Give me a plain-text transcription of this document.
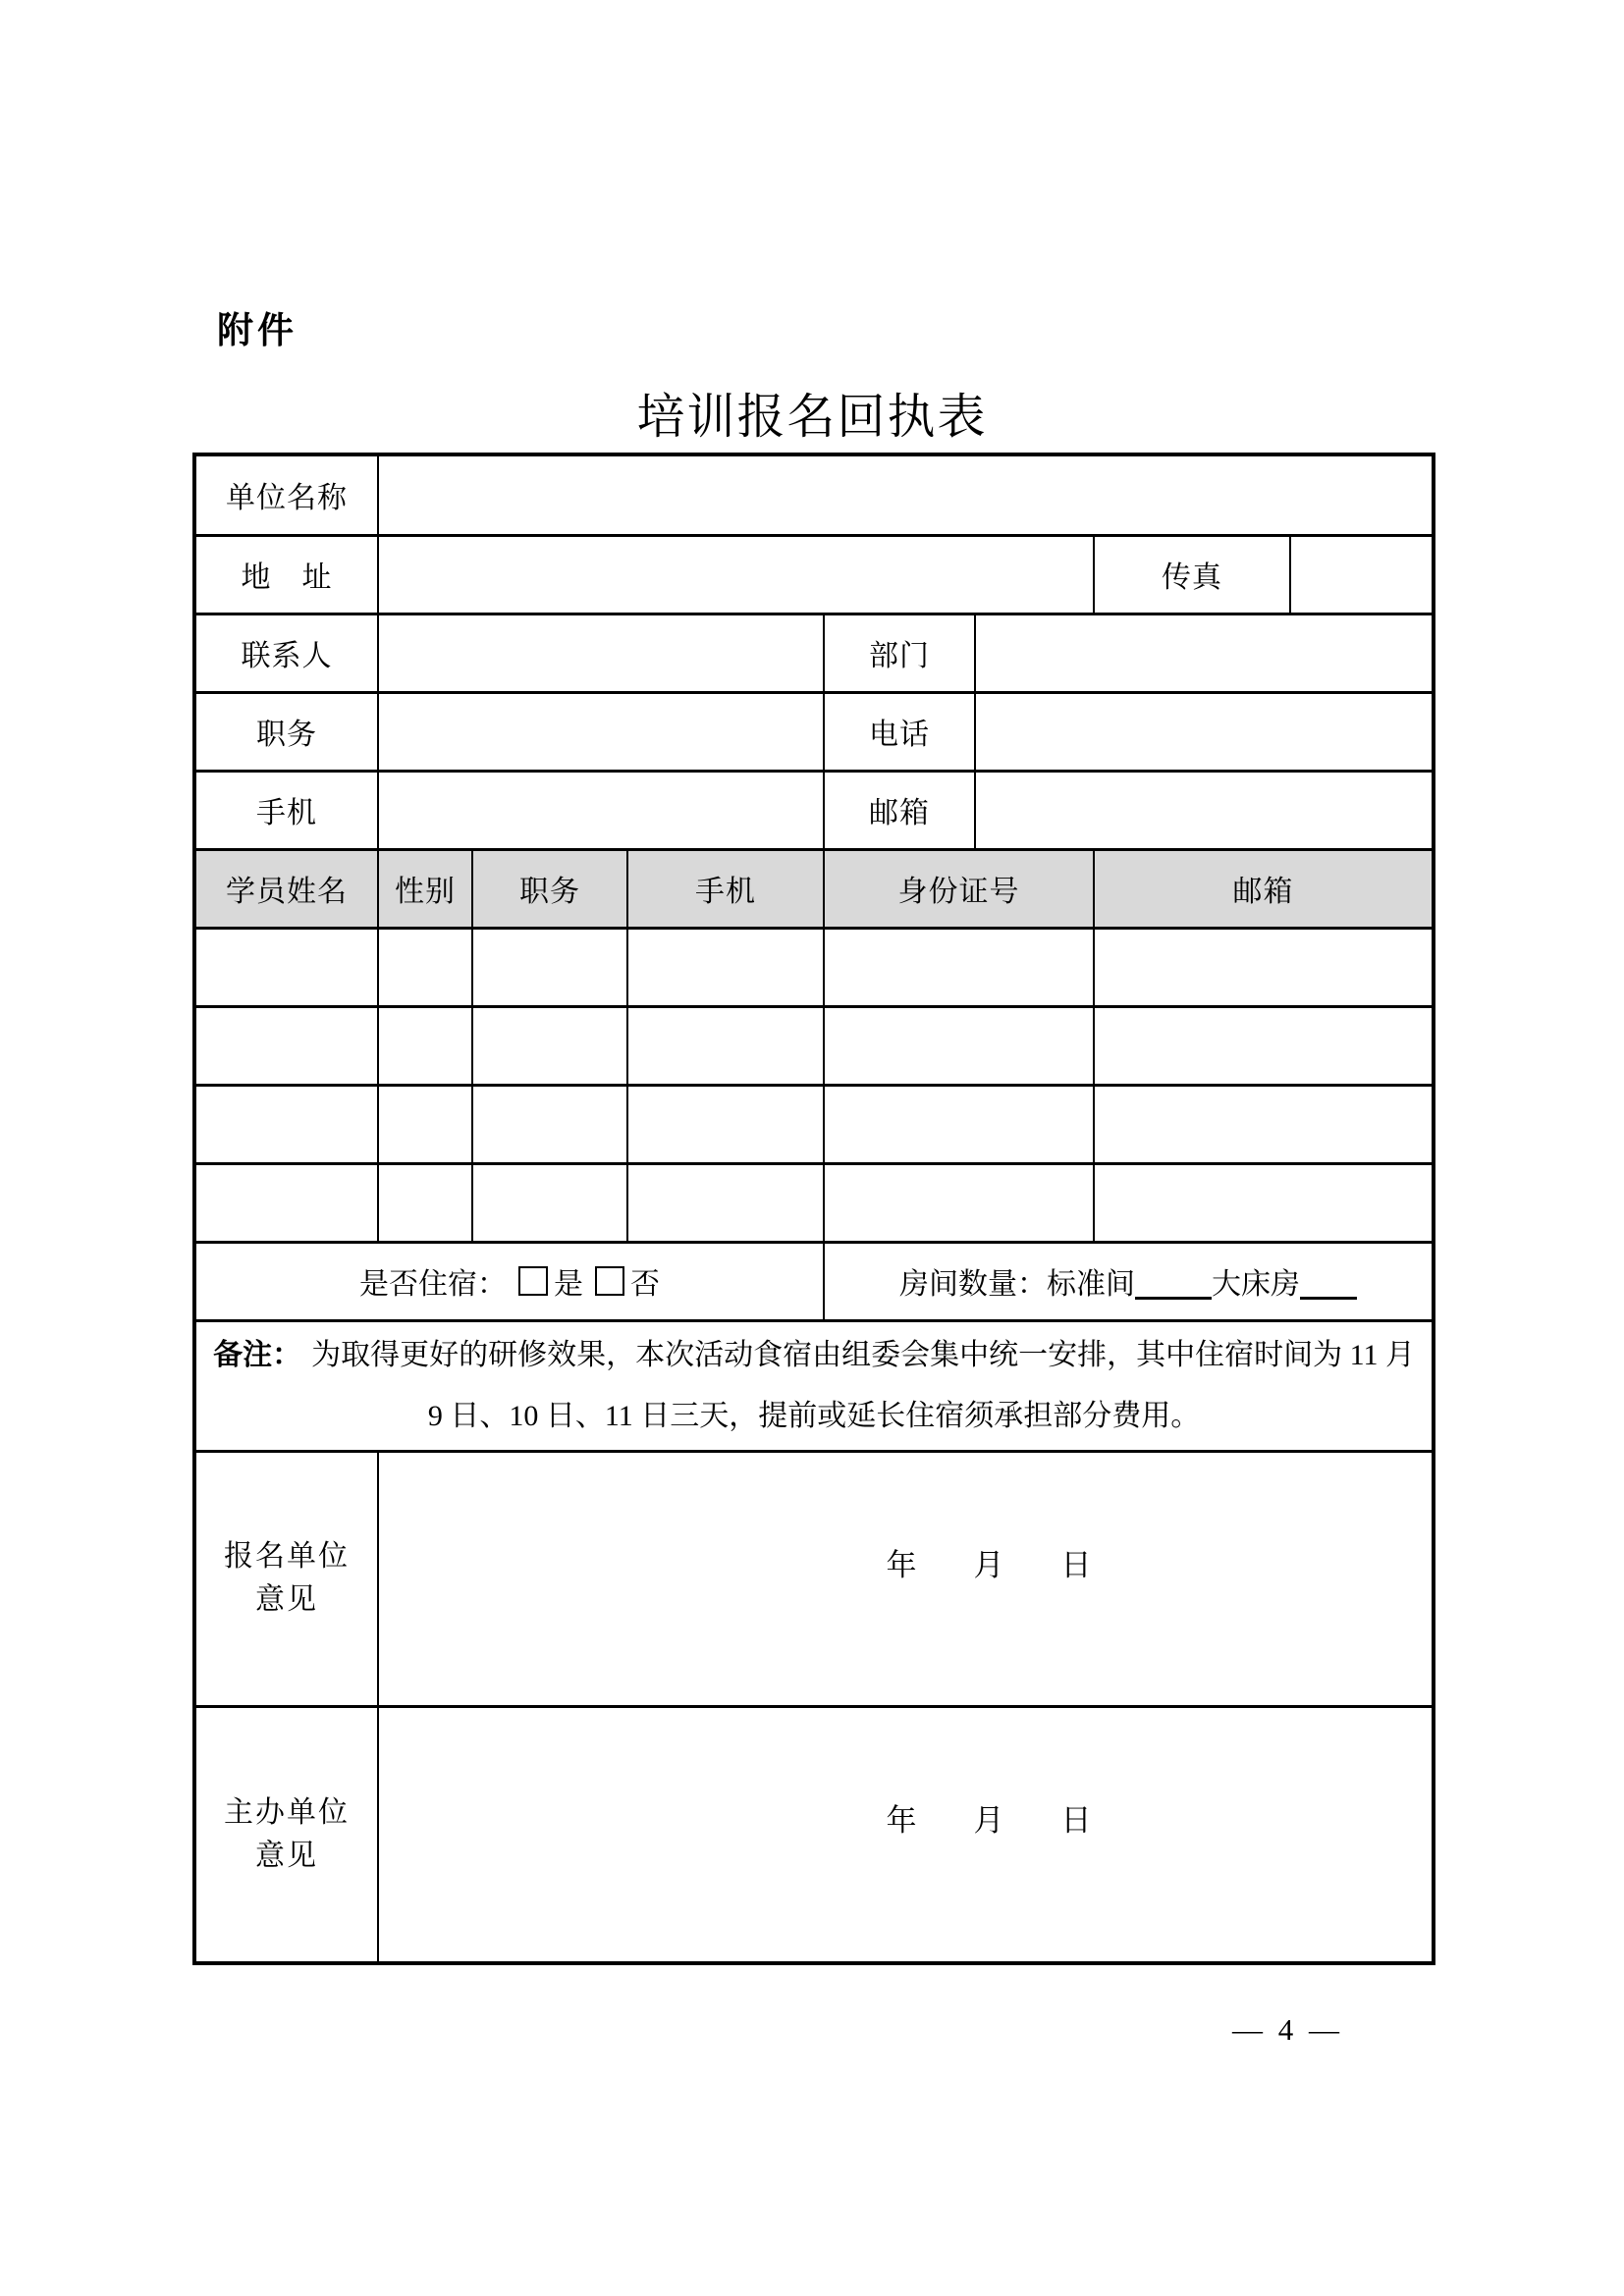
附件
培训报名回执表
单位名称							
地　址						传真	
联系人				部门			
职务				电话			
手机				邮箱			
学员姓名	性别	职务	手机	身份证号		邮箱	

是否住宿： 是 否				房间数量：标准间 大床房			
备注： 为取得更好的研修效果，本次活动食宿由组委会集中统一安排，其中住宿时间为 11 月
9 日、10 日、11 日三天，提前或延长住宿须承担部分费用。							

报名单位
意见	年 月 日						

主办单位
意见	年 月 日						
— 4 —
